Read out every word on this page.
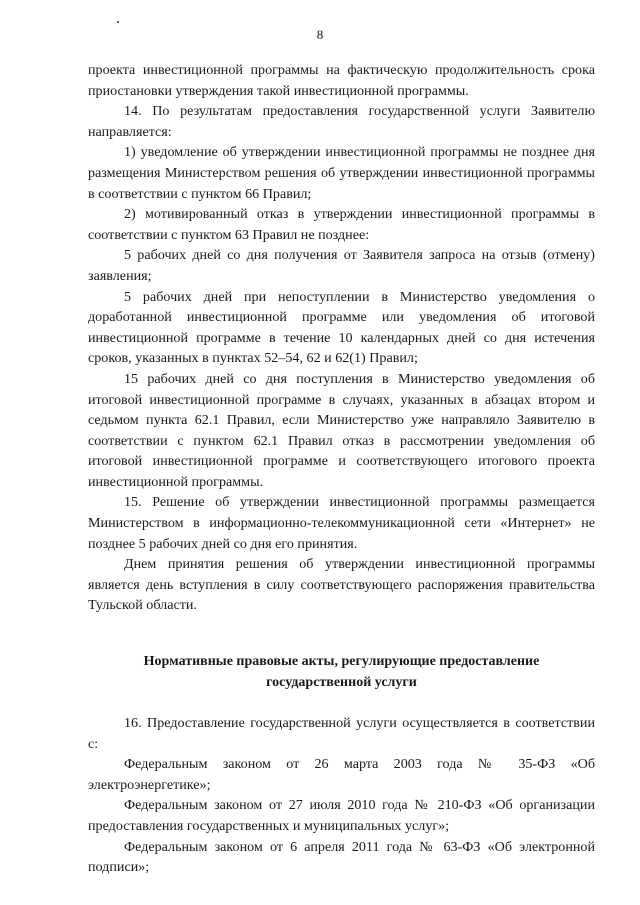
8

проекта инвестиционной программы на фактическую продолжительность срока приостановки утверждения такой инвестиционной программы.

14. По результатам предоставления государственной услуги Заявителю направляется:

1) уведомление об утверждении инвестиционной программы не позднее дня размещения Министерством решения об утверждении инвестиционной программы в соответствии с пунктом 66 Правил;

2) мотивированный отказ в утверждении инвестиционной программы в соответствии с пунктом 63 Правил не позднее:

5 рабочих дней со дня получения от Заявителя запроса на отзыв (отмену) заявления;

5 рабочих дней при непоступлении в Министерство уведомления о доработанной инвестиционной программе или уведомления об итоговой инвестиционной программе в течение 10 календарных дней со дня истечения сроков, указанных в пунктах 52–54, 62 и 62(1) Правил;

15 рабочих дней со дня поступления в Министерство уведомления об итоговой инвестиционной программе в случаях, указанных в абзацах втором и седьмом пункта 62.1 Правил, если Министерство уже направляло Заявителю в соответствии с пунктом 62.1 Правил отказ в рассмотрении уведомления об итоговой инвестиционной программе и соответствующего итогового проекта инвестиционной программы.

15. Решение об утверждении инвестиционной программы размещается Министерством в информационно-телекоммуникационной сети «Интернет» не позднее 5 рабочих дней со дня его принятия.

Днем принятия решения об утверждении инвестиционной программы является день вступления в силу соответствующего распоряжения правительства Тульской области.

Нормативные правовые акты, регулирующие предоставление

государственной услуги

16. Предоставление государственной услуги осуществляется в соответствии с:

Федеральным законом от 26 марта 2003 года № 35-ФЗ «Об электроэнергетике»;

Федеральным законом от 27 июля 2010 года № 210-ФЗ «Об организации предоставления государственных и муниципальных услуг»;

Федеральным законом от 6 апреля 2011 года № 63-ФЗ «Об электронной подписи»;
